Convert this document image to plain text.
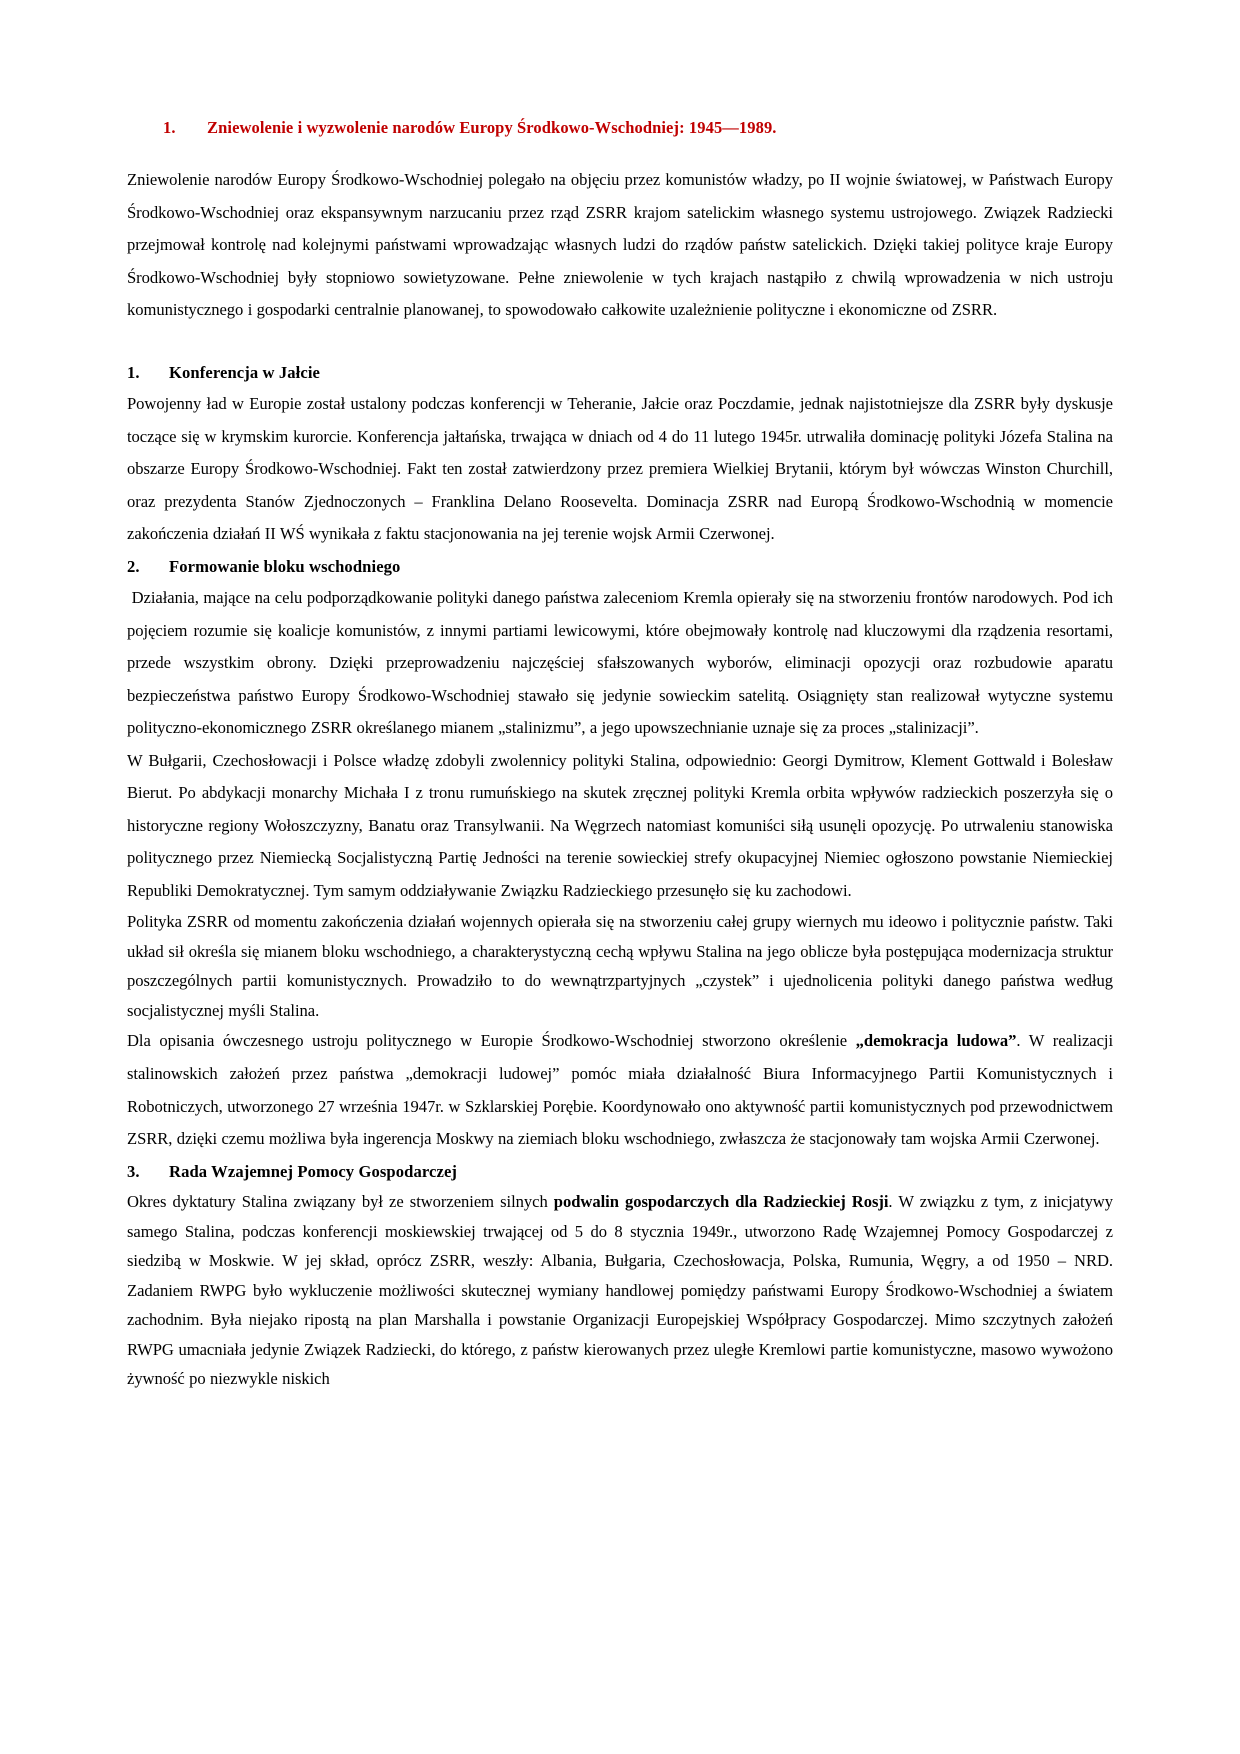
1.	Zniewolenie i wyzwolenie narodów Europy Środkowo-Wschodniej: 1945—1989.

Zniewolenie narodów Europy Środkowo-Wschodniej polegało na objęciu przez komunistów władzy, po II wojnie światowej, w Państwach Europy Środkowo-Wschodniej oraz ekspansywnym narzucaniu przez rząd ZSRR krajom satelickim własnego systemu ustrojowego. Związek Radziecki przejmował kontrolę nad kolejnymi państwami wprowadzając własnych ludzi do rządów państw satelickich. Dzięki takiej polityce kraje Europy Środkowo-Wschodniej były stopniowo sowietyzowane. Pełne zniewolenie w tych krajach nastąpiło z chwilą wprowadzenia w nich ustroju komunistycznego i gospodarki centralnie planowanej, to spowodowało całkowite uzależnienie polityczne i ekonomiczne od ZSRR.

1.	Konferencja w Jałcie

Powojenny ład w Europie został ustalony podczas konferencji w Teheranie, Jałcie oraz Poczdamie, jednak najistotniejsze dla ZSRR były dyskusje toczące się w krymskim kurorcie. Konferencja jałtańska, trwająca w dniach od 4 do 11 lutego 1945r. utrwaliła dominację polityki Józefa Stalina na obszarze Europy Środkowo-Wschodniej. Fakt ten został zatwierdzony przez premiera Wielkiej Brytanii, którym był wówczas Winston Churchill, oraz prezydenta Stanów Zjednoczonych – Franklina Delano Roosevelta. Dominacja ZSRR nad Europą Środkowo-Wschodnią w momencie zakończenia działań II WŚ wynikała z faktu stacjonowania na jej terenie wojsk Armii Czerwonej.

2.	Formowanie bloku wschodniego

Działania, mające na celu podporządkowanie polityki danego państwa zaleceniom Kremla opierały się na stworzeniu frontów narodowych. Pod ich pojęciem rozumie się koalicje komunistów, z innymi partiami lewicowymi, które obejmowały kontrolę nad kluczowymi dla rządzenia resortami, przede wszystkim obrony. Dzięki przeprowadzeniu najczęściej sfałszowanych wyborów, eliminacji opozycji oraz rozbudowie aparatu bezpieczeństwa państwo Europy Środkowo-Wschodniej stawało się jedynie sowieckim satelitą. Osiągnięty stan realizował wytyczne systemu polityczno-ekonomicznego ZSRR określanego mianem „stalinizmu”, a jego upowszechnianie uznaje się za proces „stalinizacji”.

W Bułgarii, Czechosłowacji i Polsce władzę zdobyli zwolennicy polityki Stalina, odpowiednio: Georgi Dymitrow, Klement Gottwald i Bolesław Bierut. Po abdykacji monarchy Michała I z tronu rumuńskiego na skutek zręcznej polityki Kremla orbita wpływów radzieckich poszerzyła się o historyczne regiony Wołoszczyzny, Banatu oraz Transylwanii. Na Węgrzech natomiast komuniści siłą usunęli opozycję. Po utrwaleniu stanowiska politycznego przez Niemiecką Socjalistyczną Partię Jedności na terenie sowieckiej strefy okupacyjnej Niemiec ogłoszono powstanie Niemieckiej Republiki Demokratycznej. Tym samym oddziaływanie Związku Radzieckiego przesunęło się ku zachodowi.

Polityka ZSRR od momentu zakończenia działań wojennych opierała się na stworzeniu całej grupy wiernych mu ideowo i politycznie państw. Taki układ sił określa się mianem bloku wschodniego, a charakterystyczną cechą wpływu Stalina na jego oblicze była postępująca modernizacja struktur poszczególnych partii komunistycznych. Prowadziło to do wewnątrzpartyjnych „czystek” i ujednolicenia polityki danego państwa według socjalistycznej myśli Stalina.

Dla opisania ówczesnego ustroju politycznego w Europie Środkowo-Wschodniej stworzono określenie „demokracja ludowa”. W realizacji stalinowskich założeń przez państwa „demokracji ludowej” pomóc miała działalność Biura Informacyjnego Partii Komunistycznych i Robotniczych, utworzonego 27 września 1947r. w Szklarskiej Porębie. Koordynowało ono aktywność partii komunistycznych pod przewodnictwem ZSRR, dzięki czemu możliwa była ingerencja Moskwy na ziemiach bloku wschodniego, zwłaszcza że stacjonowały tam wojska Armii Czerwonej.

3.	Rada Wzajemnej Pomocy Gospodarczej

Okres dyktatury Stalina związany był ze stworzeniem silnych podwalin gospodarczych dla Radzieckiej Rosji. W związku z tym, z inicjatywy samego Stalina, podczas konferencji moskiewskiej trwającej od 5 do 8 stycznia 1949r., utworzono Radę Wzajemnej Pomocy Gospodarczej z siedzibą w Moskwie. W jej skład, oprócz ZSRR, weszły: Albania, Bułgaria, Czechosłowacja, Polska, Rumunia, Węgry, a od 1950 – NRD. Zadaniem RWPG było wykluczenie możliwości skutecznej wymiany handlowej pomiędzy państwami Europy Środkowo-Wschodniej a światem zachodnim. Była niejako ripostą na plan Marshalla i powstanie Organizacji Europejskiej Współpracy Gospodarczej. Mimo szczytnych założeń RWPG umacniała jedynie Związek Radziecki, do którego, z państw kierowanych przez uległe Kremlowi partie komunistyczne, masowo wywożono żywność po niezwykle niskich
